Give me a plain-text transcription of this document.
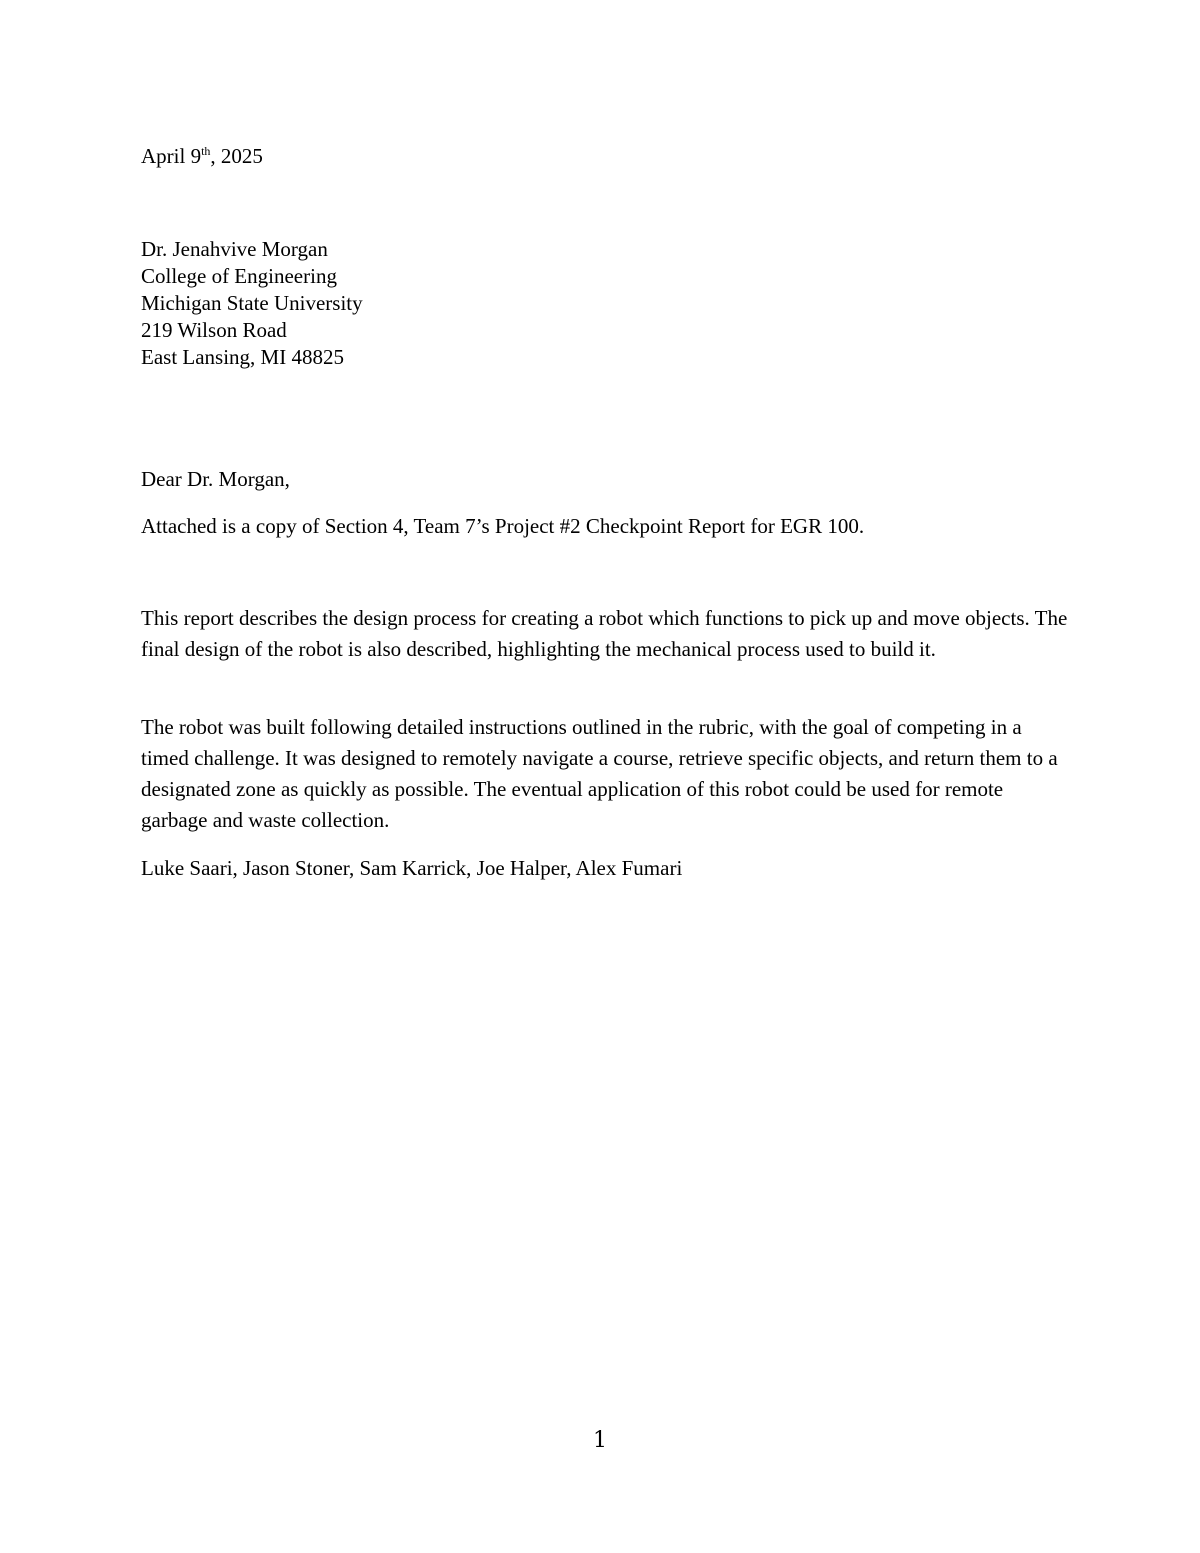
April 9th, 2025
Dr. Jenahvive Morgan
College of Engineering
Michigan State University
219 Wilson Road
East Lansing, MI 48825
Dear Dr. Morgan,
Attached is a copy of Section 4, Team 7’s Project #2 Checkpoint Report for EGR 100.
This report describes the design process for creating a robot which functions to pick up and move objects. The final design of the robot is also described, highlighting the mechanical process used to build it.
The robot was built following detailed instructions outlined in the rubric, with the goal of competing in a timed challenge. It was designed to remotely navigate a course, retrieve specific objects, and return them to a designated zone as quickly as possible. The eventual application of this robot could be used for remote garbage and waste collection.
Luke Saari, Jason Stoner, Sam Karrick, Joe Halper, Alex Fumari
1
